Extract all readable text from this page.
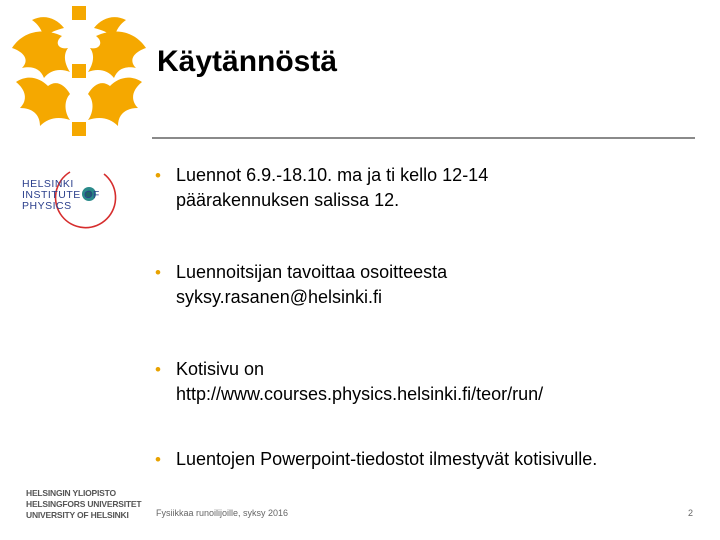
HELSINKI
INSTITUTE OF
PHYSICS
Käytännöstä
• Luennot 6.9.-18.10. ma ja ti kello 12-14
päärakennuksen salissa 12.
• Luennoitsijan tavoittaa osoitteesta
syksy.rasanen@helsinki.fi
• Kotisivu on
http://www.courses.physics.helsinki.fi/teor/run/
• Luentojen Powerpoint-tiedostot ilmestyvät kotisivulle.
HELSINGIN YLIOPISTO
HELSINGFORS UNIVERSITET
UNIVERSITY OF HELSINKI	Fysiikkaa runoilijoille, syksy 2016	2
